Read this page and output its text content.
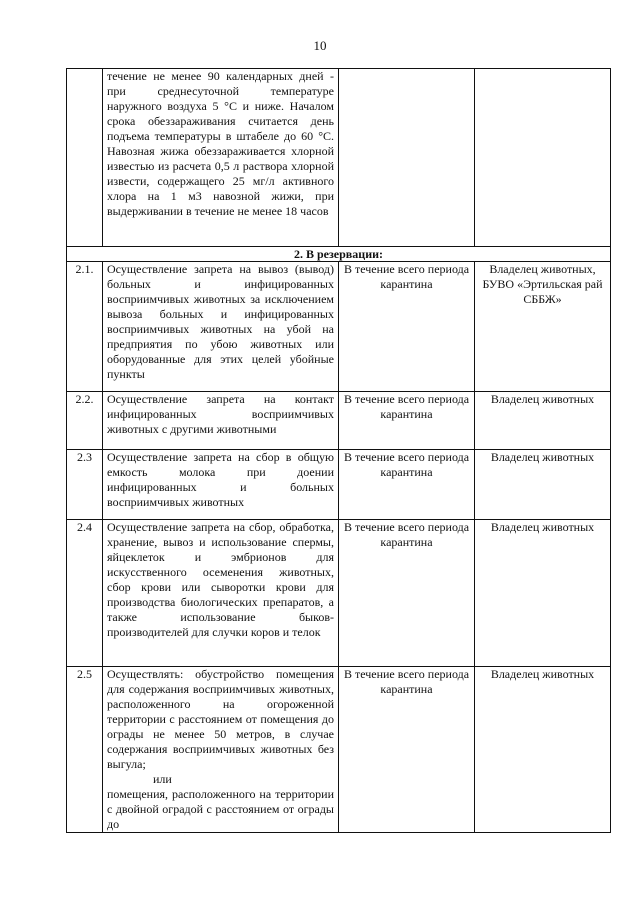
10
	течение не менее 90 календарных дней - при среднесуточной температуре наружного воздуха 5 °С и ниже. Началом срока обеззараживания считается день подъема температуры в штабеле до 60 °С. Навозная жижа обеззараживается хлорной известью из расчета 0,5 л раствора хлорной извести, содержащего 25 мг/л активного хлора на 1 м3 навозной жижи, при выдерживании в течение не менее 18 часов		
2. В резервации:			
2.1.	Осуществление запрета на вывоз (вывод) больных и инфицированных восприимчивых животных за исключением вывоза больных и инфицированных восприимчивых животных на убой на предприятия по убою животных или оборудованные для этих целей убойные пункты	В течение всего периода карантина	Владелец животных, БУВО «Эртильская рай СББЖ»
2.2.	Осуществление запрета на контакт инфицированных восприимчивых животных с другими животными	В течение всего периода карантина	Владелец животных
2.3	Осуществление запрета на сбор в общую емкость молока при доении инфицированных и больных восприимчивых животных	В течение всего периода карантина	Владелец животных
2.4	Осуществление запрета на сбор, обработка, хранение, вывоз и использование спермы, яйцеклеток и эмбрионов для искусственного осеменения животных, сбор крови или сыворотки крови для производства биологических препаратов, а также использование быков-производителей для случки коров и телок	В течение всего периода карантина	Владелец животных
2.5	Осуществлять: обустройство помещения для содержания восприимчивых животных, расположенного на огороженной территории с расстоянием от помещения до ограды не менее 50 метров, в случае содержания восприимчивых животных без выгула;
или
помещения, расположенного на территории с двойной оградой с расстоянием от ограды до	В течение всего периода карантина	Владелец животных
